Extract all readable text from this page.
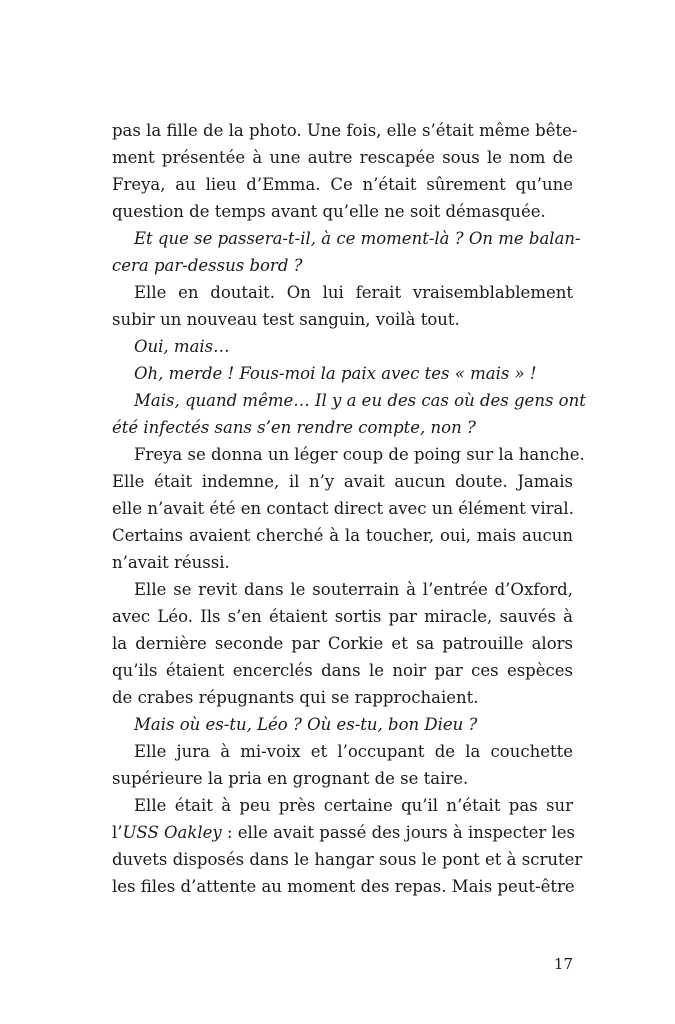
pas la fille de la photo. Une fois, elle s’était même bête-
ment présentée à une autre rescapée sous le nom de
Freya, au lieu d’Emma. Ce n’était sûrement qu’une
question de temps avant qu’elle ne soit démasquée.
Et que se passera-t-il, à ce moment-là ? On me balan-
cera par-dessus bord ?
Elle en doutait. On lui ferait vraisemblablement
subir un nouveau test sanguin, voilà tout.
Oui, mais…
Oh, merde ! Fous-moi la paix avec tes « mais » !
Mais, quand même… Il y a eu des cas où des gens ont
été infectés sans s’en rendre compte, non ?
Freya se donna un léger coup de poing sur la hanche.
Elle était indemne, il n’y avait aucun doute. Jamais
elle n’avait été en contact direct avec un élément viral.
Certains avaient cherché à la toucher, oui, mais aucun
n’avait réussi.
Elle se revit dans le souterrain à l’entrée d’Oxford,
avec Léo. Ils s’en étaient sortis par miracle, sauvés à
la dernière seconde par Corkie et sa patrouille alors
qu’ils étaient encerclés dans le noir par ces espèces
de crabes répugnants qui se rapprochaient.
Mais où es-tu, Léo ? Où es-tu, bon Dieu ?
Elle jura à mi-voix et l’occupant de la couchette
supérieure la pria en grognant de se taire.
Elle était à peu près certaine qu’il n’était pas sur
l’USS Oakley : elle avait passé des jours à inspecter les
duvets disposés dans le hangar sous le pont et à scruter
les files d’attente au moment des repas. Mais peut-être
17
